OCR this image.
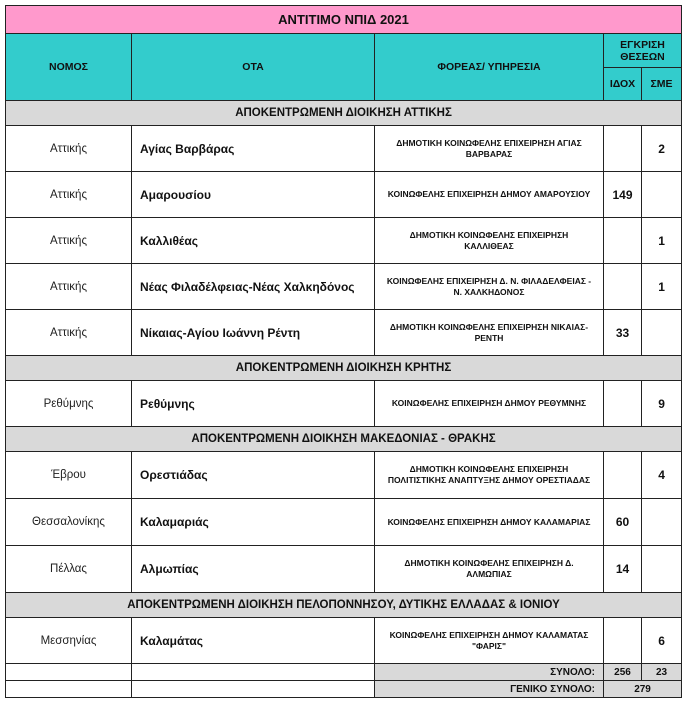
ΑΝΤΙΤΙΜΟ ΝΠΙΔ 2021				
ΝΟΜΟΣ	ΟΤΑ	ΦΟΡΕΑΣ/ ΥΠΗΡΕΣΙΑ	ΕΓΚΡΙΣΗ ΘΕΣΕΩΝ	
			ΙΔΟΧ	ΣΜΕ
ΑΠΟΚΕΝΤΡΩΜΕΝΗ ΔΙΟΙΚΗΣΗ ΑΤΤΙΚΗΣ				
Αττικής	Αγίας Βαρβάρας	ΔΗΜΟΤΙΚΗ ΚΟΙΝΩΦΕΛΗΣ ΕΠΙΧΕΙΡΗΣΗ ΑΓΙΑΣ ΒΑΡΒΑΡΑΣ		2
Αττικής	Αμαρουσίου	ΚΟΙΝΩΦΕΛΗΣ ΕΠΙΧΕΙΡΗΣΗ ΔΗΜΟΥ ΑΜΑΡΟΥΣΙΟΥ	149	
Αττικής	Καλλιθέας	ΔΗΜΟΤΙΚΗ ΚΟΙΝΩΦΕΛΗΣ ΕΠΙΧΕΙΡΗΣΗ ΚΑΛΛΙΘΕΑΣ		1
Αττικής	Νέας Φιλαδέλφειας-Νέας Χαλκηδόνος	ΚΟΙΝΩΦΕΛΗΣ ΕΠΙΧΕΙΡΗΣΗ Δ. Ν. ΦΙΛΑΔΕΛΦΕΙΑΣ - Ν. ΧΑΛΚΗΔΟΝΟΣ		1
Αττικής	Νίκαιας-Αγίου Ιωάννη Ρέντη	ΔΗΜΟΤΙΚΗ ΚΟΙΝΩΦΕΛΗΣ ΕΠΙΧΕΙΡΗΣΗ ΝΙΚΑΙΑΣ-ΡΕΝΤΗ	33	
ΑΠΟΚΕΝΤΡΩΜΕΝΗ ΔΙΟΙΚΗΣΗ ΚΡΗΤΗΣ				
Ρεθύμνης	Ρεθύμνης	ΚΟΙΝΩΦΕΛΗΣ ΕΠΙΧΕΙΡΗΣΗ ΔΗΜΟΥ ΡΕΘΥΜΝΗΣ		9
ΑΠΟΚΕΝΤΡΩΜΕΝΗ ΔΙΟΙΚΗΣΗ ΜΑΚΕΔΟΝΙΑΣ - ΘΡΑΚΗΣ				
Έβρου	Ορεστιάδας	ΔΗΜΟΤΙΚΗ ΚΟΙΝΩΦΕΛΗΣ ΕΠΙΧΕΙΡΗΣΗ ΠΟΛΙΤΙΣΤΙΚΗΣ ΑΝΑΠΤΥΞΗΣ ΔΗΜΟΥ ΟΡΕΣΤΙΑΔΑΣ		4
Θεσσαλονίκης	Καλαμαριάς	ΚΟΙΝΩΦΕΛΗΣ ΕΠΙΧΕΙΡΗΣΗ ΔΗΜΟΥ ΚΑΛΑΜΑΡΙΑΣ	60	
Πέλλας	Αλμωπίας	ΔΗΜΟΤΙΚΗ ΚΟΙΝΩΦΕΛΗΣ ΕΠΙΧΕΙΡΗΣΗ Δ. ΑΛΜΩΠΙΑΣ	14	
ΑΠΟΚΕΝΤΡΩΜΕΝΗ ΔΙΟΙΚΗΣΗ ΠΕΛΟΠΟΝΝΗΣΟΥ, ΔΥΤΙΚΗΣ ΕΛΛΑΔΑΣ & ΙΟΝΙΟΥ				
Μεσσηνίας	Καλαμάτας	ΚΟΙΝΩΦΕΛΗΣ ΕΠΙΧΕΙΡΗΣΗ ΔΗΜΟΥ ΚΑΛΑΜΑΤΑΣ "ΦΑΡΙΣ"		6
		ΣΥΝΟΛΟ:	256	23
		ΓΕΝΙΚΟ ΣΥΝΟΛΟ:	279	
